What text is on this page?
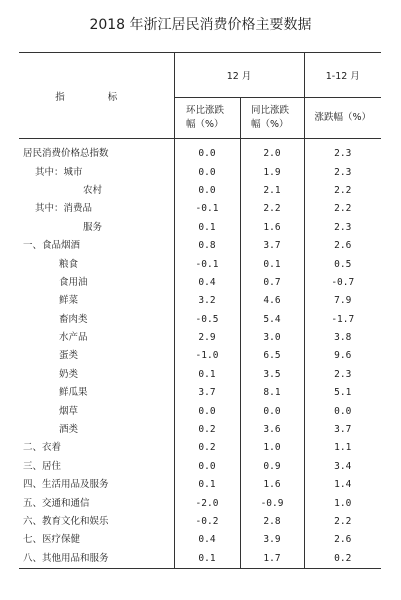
2018 年浙江居民消费价格主要数据
指 标	12 月		1-12 月

	环比涨跌幅（%）	同比涨跌幅（%）	涨跌幅（%）
居民消费价格总指数	0.0	2.0	2.3
其中：城市	0.0	1.9	2.3
农村	0.0	2.1	2.2
其中：消费品	-0.1	2.2	2.2
服务	0.1	1.6	2.3
一、食品烟酒	0.8	3.7	2.6
粮食	-0.1	0.1	0.5
食用油	0.4	0.7	-0.7
鲜菜	3.2	4.6	7.9
畜肉类	-0.5	5.4	-1.7
水产品	2.9	3.0	3.8
蛋类	-1.0	6.5	9.6
奶类	0.1	3.5	2.3
鲜瓜果	3.7	8.1	5.1
烟草	0.0	0.0	0.0
酒类	0.2	3.6	3.7
二、衣着	0.2	1.0	1.1
三、居住	0.0	0.9	3.4
四、生活用品及服务	0.1	1.6	1.4
五、交通和通信	-2.0	-0.9	1.0
六、教育文化和娱乐	-0.2	2.8	2.2
七、医疗保健	0.4	3.9	2.6
八、其他用品和服务	0.1	1.7	0.2
